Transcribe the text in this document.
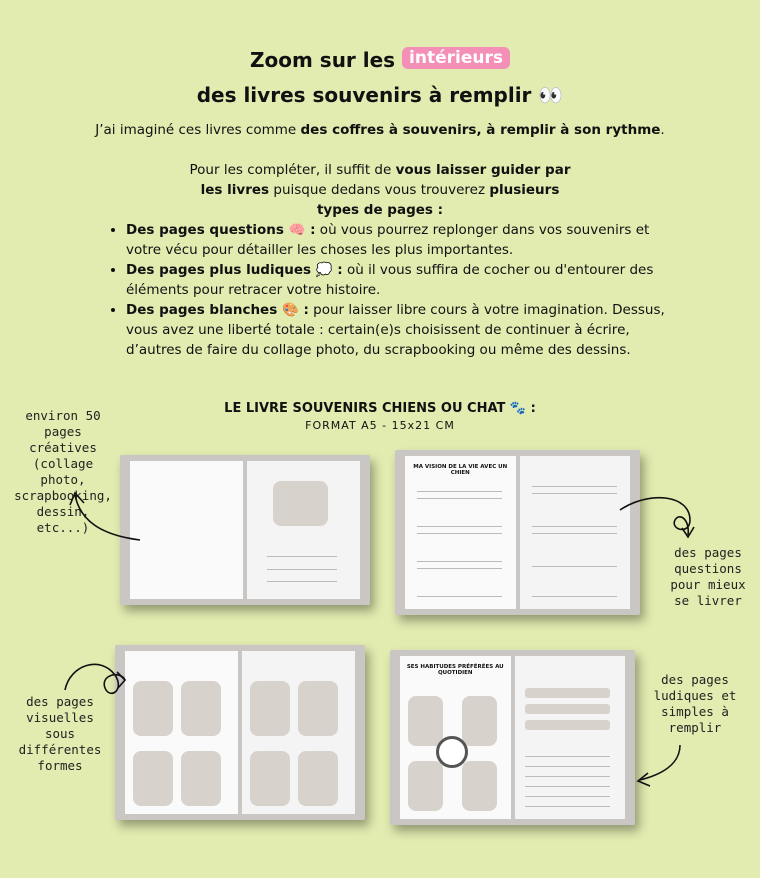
Zoom sur les $^{intérieurs}$
des livres souvenirs à remplir 👀

J’ai imaginé ces livres comme des coffres à souvenirs, à remplir à son rythme.

Pour les compléter, il suffit de vous laisser guider par les livres puisque dedans vous trouverez plusieurs types de pages :

• Des pages questions 🧠 : où vous pourrez replonger dans vos souvenirs et votre vécu pour détailler les choses les plus importantes.
• Des pages plus ludiques 💭 : où il vous suffira de cocher ou d'entourer des éléments pour retracer votre histoire.
• Des pages blanches 🎨 : pour laisser libre cours à votre imagination. Dessus, vous avez une liberté totale : certain(e)s choisissent de continuer à écrire, d’autres de faire du collage photo, du scrapbooking ou même des dessins.
LE LIVRE SOUVENIRS CHIENS OU CHAT 🐾 :
FORMAT A5 - 15x21 CM
environ 50 pages créatives (collage photo, scrapbooking, dessin, etc...)
des pages questions pour mieux se livrer
des pages visuelles sous différentes formes
des pages ludiques et simples à remplir
MA VISION DE LA VIE AVEC UN CHIEN
SES HABITUDES PRÉFÉRÉES AU QUOTIDIEN
